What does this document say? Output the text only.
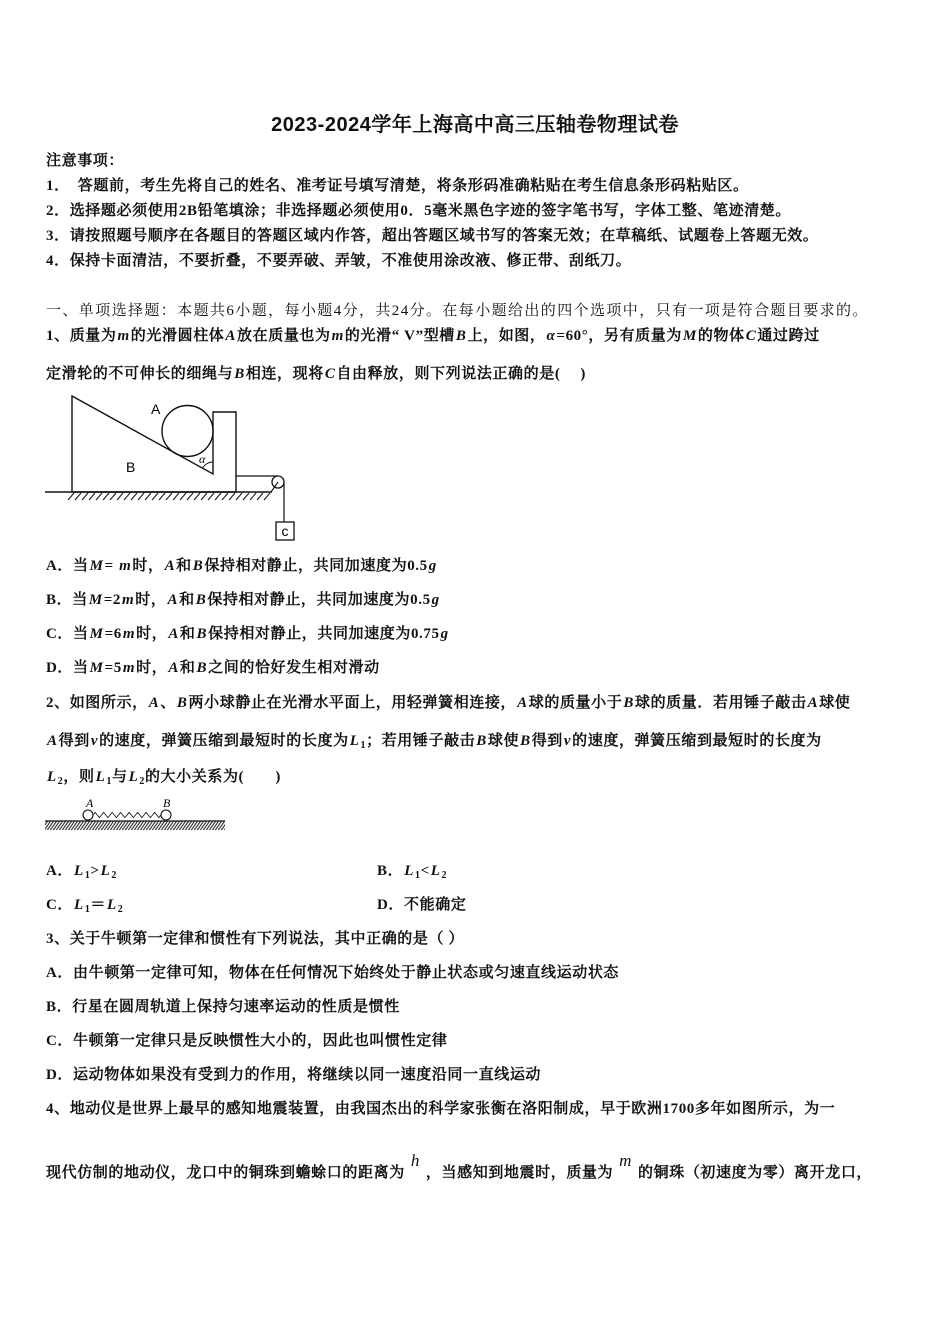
2023-2024学年上海高中高三压轴卷物理试卷
注意事项：
1．　答题前，考生先将自己的姓名、准考证号填写清楚，将条形码准确粘贴在考生信息条形码粘贴区。
2．选择题必须使用2B铅笔填涂；非选择题必须使用0．5毫米黑色字迹的签字笔书写，字体工整、笔迹清楚。
3．请按照题号顺序在各题目的答题区域内作答，超出答题区域书写的答案无效；在草稿纸、试题卷上答题无效。
4．保持卡面清洁，不要折叠，不要弄破、弄皱，不准使用涂改液、修正带、刮纸刀。
一、单项选择题：本题共6小题，每小题4分，共24分。在每小题给出的四个选项中，只有一项是符合题目要求的。
1、质量为m的光滑圆柱体A放在质量也为m的光滑“ V”型槽B上，如图，α=60°，另有质量为M的物体C通过跨过
定滑轮的不可伸长的细绳与B相连，现将C自由释放，则下列说法正确的是(　 )
A
B	α
c
A．当M= m时，A和B保持相对静止，共同加速度为0.5g
B．当M=2m时，A和B保持相对静止，共同加速度为0.5g
C．当M=6m时，A和B保持相对静止，共同加速度为0.75g
D．当M=5m时，A和B之间的恰好发生相对滑动
2、如图所示，A、B两小球静止在光滑水平面上，用轻弹簧相连接，A球的质量小于B球的质量．若用锤子敲击A球使
A得到v的速度，弹簧压缩到最短时的长度为$L_1$；若用锤子敲击B球使B得到v的速度，弹簧压缩到最短时的长度为
$L_2$，则$L_1$与$L_2$的大小关系为(　　)
A	B
A．$L_1>L_2$	B．$L_1<L_2$
C．$L_1=L_2$	D．不能确定
3、关于牛顿第一定律和惯性有下列说法，其中正确的是（ ）
A．由牛顿第一定律可知，物体在任何情况下始终处于静止状态或匀速直线运动状态
B．行星在圆周轨道上保持匀速率运动的性质是惯性
C．牛顿第一定律只是反映惯性大小的，因此也叫惯性定律
D．运动物体如果没有受到力的作用，将继续以同一速度沿同一直线运动
4、地动仪是世界上最早的感知地震装置，由我国杰出的科学家张衡在洛阳制成，早于欧洲1700多年如图所示，为一
现代仿制的地动仪，龙口中的铜珠到蟾蜍口的距离为h，当感知到地震时，质量为m的铜珠（初速度为零）离开龙口，
